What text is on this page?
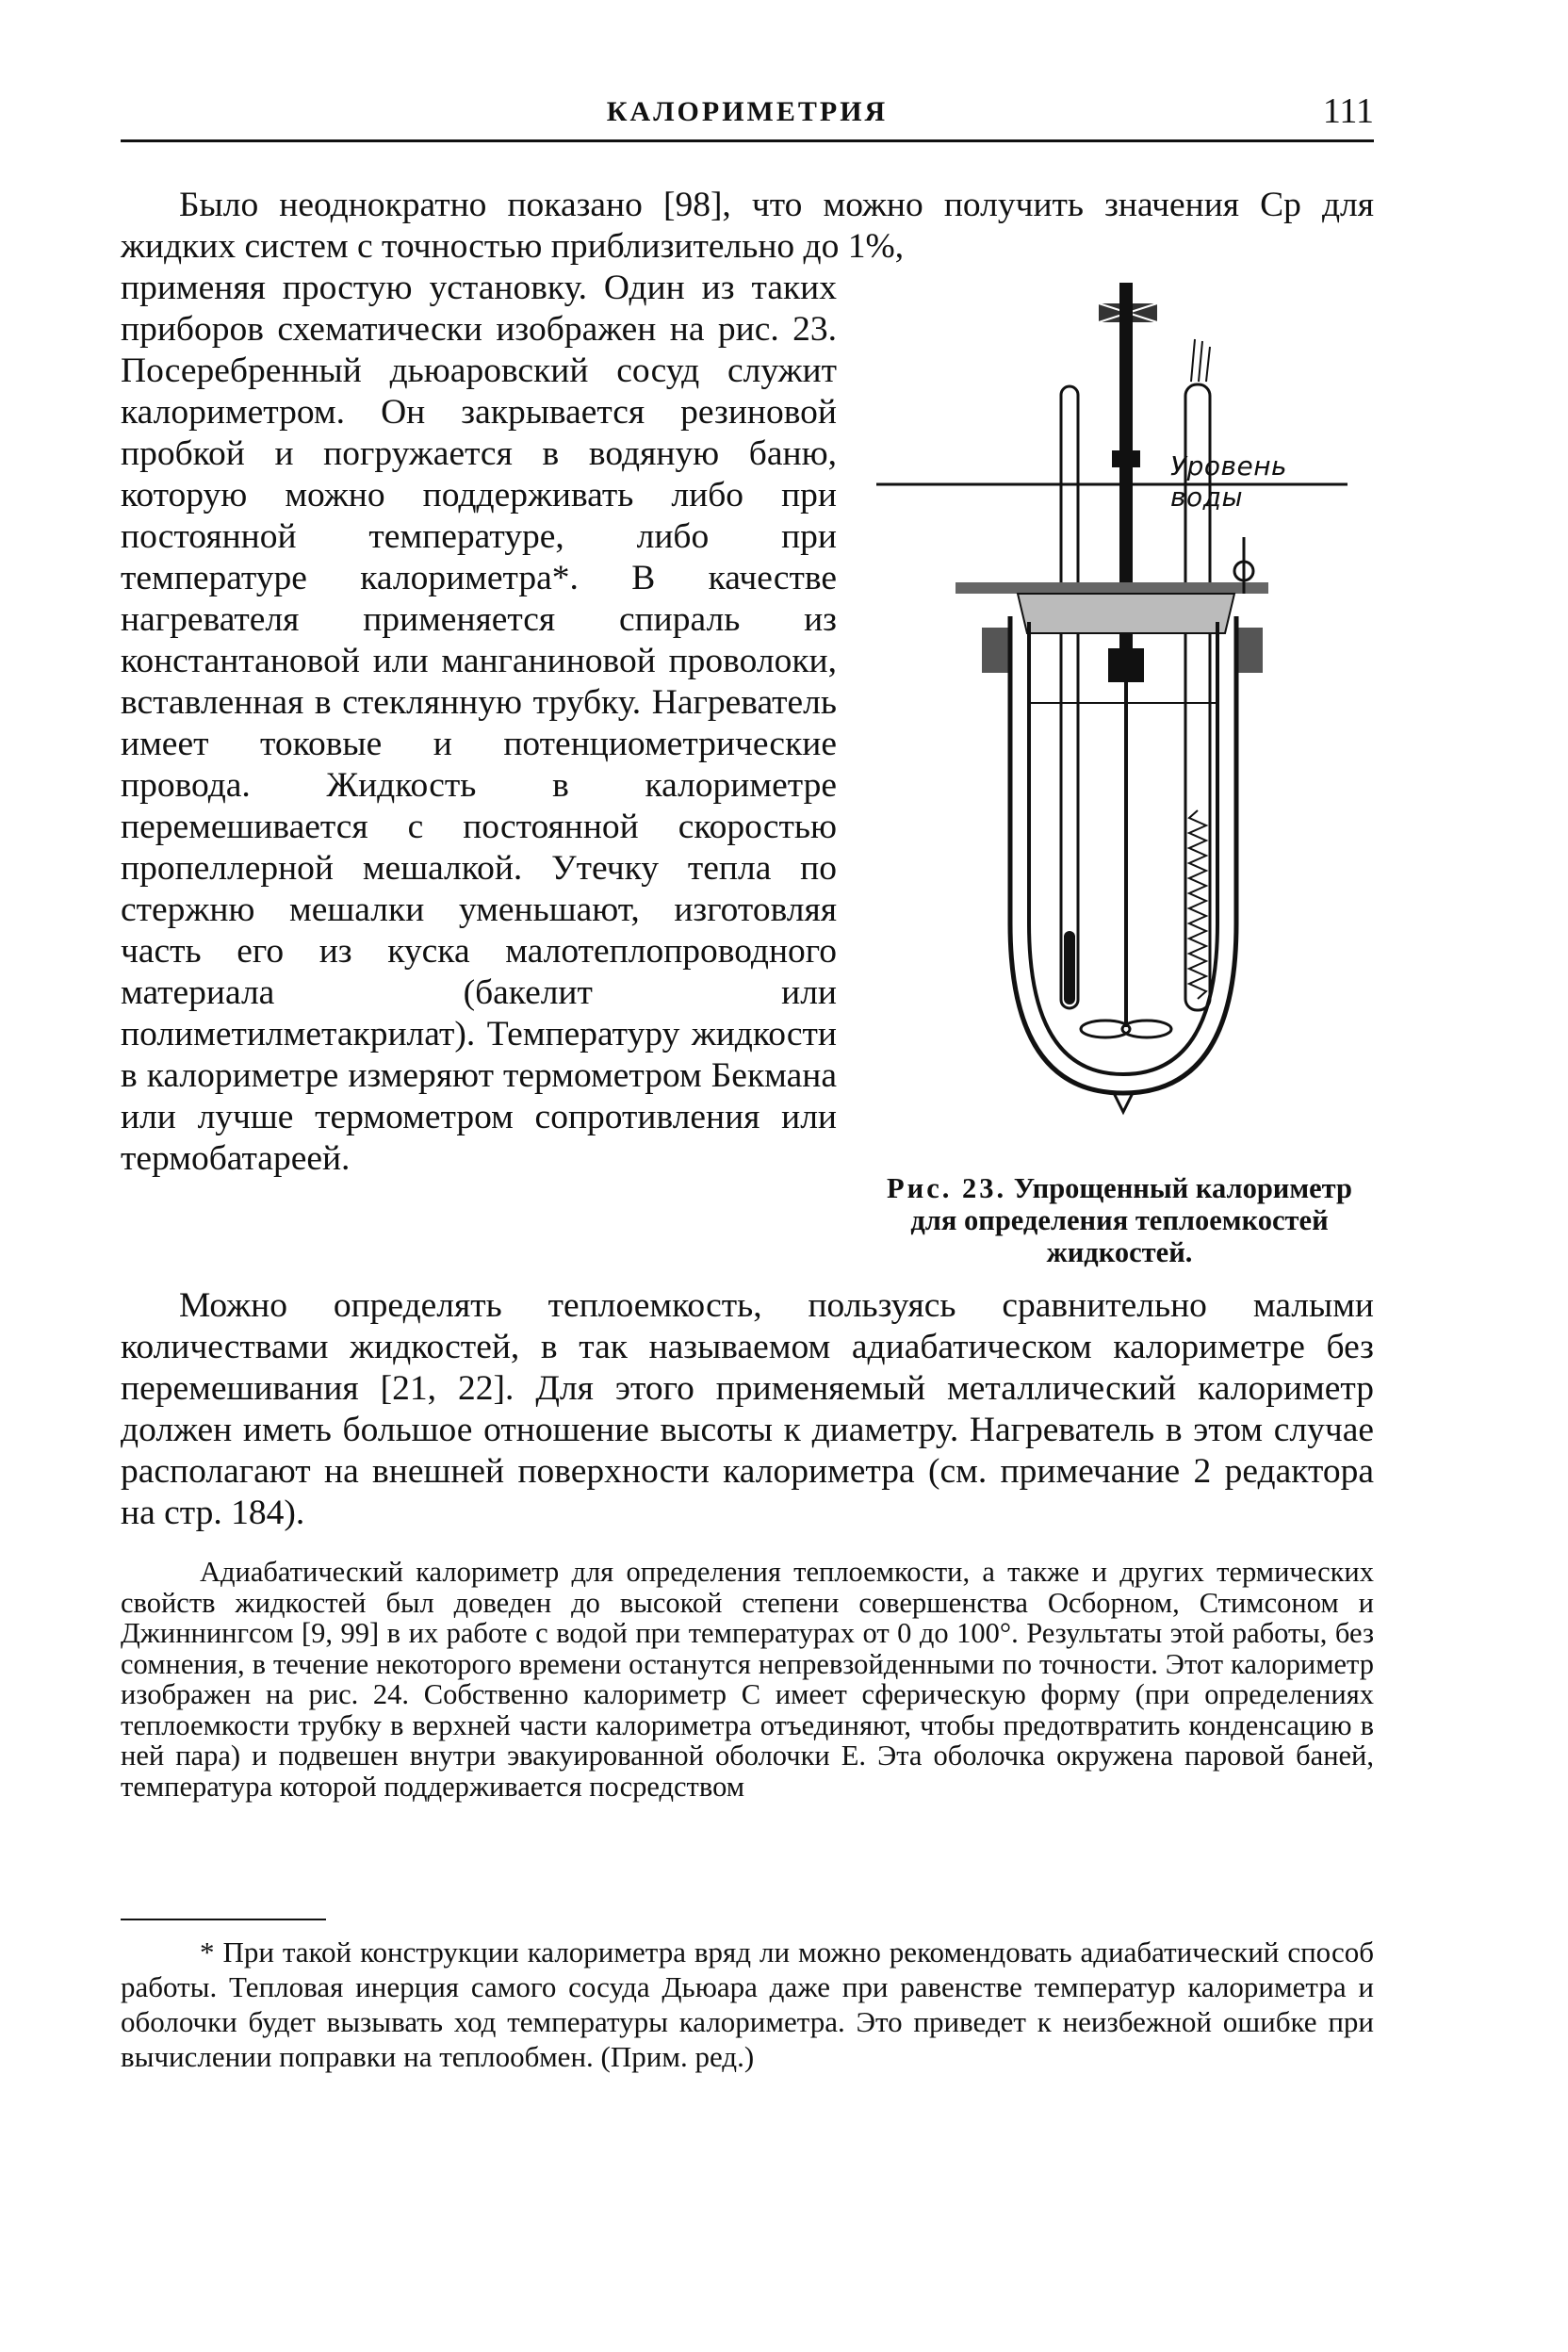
КАЛОРИМЕТРИЯ	111

Было неоднократно показано [98], что можно получить значения Cp для жидких систем с точностью приблизительно до 1%,

применяя простую установку. Один из таких приборов схематически изображен на рис. 23. Посеребренный дьюаровский сосуд служит калориметром. Он закрывается резиновой пробкой и погружается в водяную баню, которую можно поддерживать либо при постоянной температуре, либо при температуре калориметра*. В качестве нагревателя применяется спираль из константановой или манганиновой проволоки, вставленная в стеклянную трубку. Нагреватель имеет токовые и потенциометрические провода. Жидкость в калориметре перемешивается с постоянной скоростью пропеллерной мешалкой. Утечку тепла по стержню мешалки уменьшают, изготовляя часть его из куска малотеплопроводного материала (бакелит или полиметилметакрилат). Температуру жидкости в калориметре измеряют термометром Бекмана или лучше термометром сопротивления или термобатареей.

Уровень воды
Рис. 23. Упрощенный калориметр для определения теплоемкостей жидкостей.

Можно определять теплоемкость, пользуясь сравнительно малыми количествами жидкостей, в так называемом адиабатическом калориметре без перемешивания [21, 22]. Для этого применяемый металлический калориметр должен иметь большое отношение высоты к диаметру. Нагреватель в этом случае располагают на внешней поверхности калориметра (см. примечание 2 редактора на стр. 184).

Адиабатический калориметр для определения теплоемкости, а также и других термических свойств жидкостей был доведен до высокой степени совершенства Осборном, Стимсоном и Джиннингсом [9, 99] в их работе с водой при температурах от 0 до 100°. Результаты этой работы, без сомнения, в течение некоторого времени останутся непревзойденными по точности. Этот калориметр изображен на рис. 24. Собственно калориметр C имеет сферическую форму (при определениях теплоемкости трубку в верхней части калориметра отъединяют, чтобы предотвратить конденсацию в ней пара) и подвешен внутри эвакуированной оболочки E. Эта оболочка окружена паровой баней, температура которой поддерживается посредством

* При такой конструкции калориметра вряд ли можно рекомендовать адиабатический способ работы. Тепловая инерция самого сосуда Дьюара даже при равенстве температур калориметра и оболочки будет вызывать ход температуры калориметра. Это приведет к неизбежной ошибке при вычислении поправки на теплообмен. (Прим. ред.)
